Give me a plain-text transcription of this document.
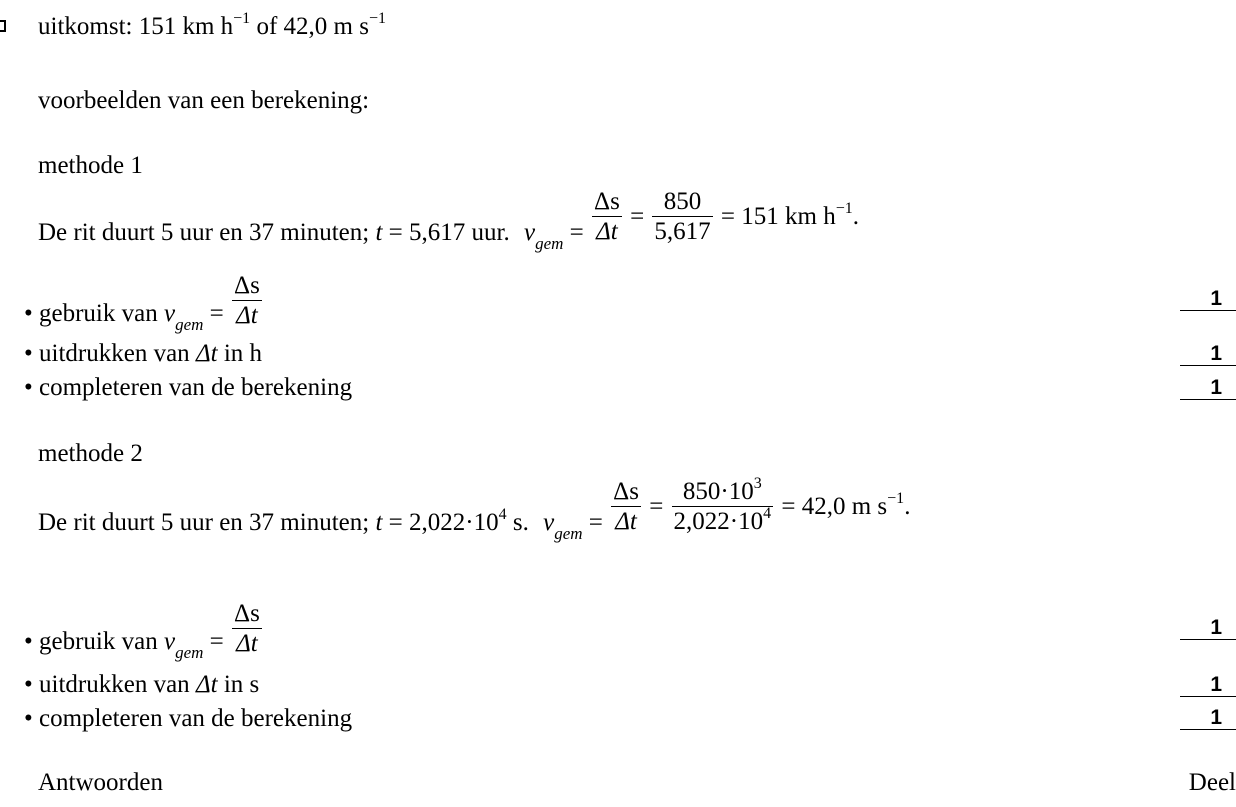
uitkomst: 151 km $h^{-1}$ of 42,0 m $s^{-1}$
voorbeelden van een berekening:
methode 1
De rit duurt 5 uur en 37 minuten; t = 5,617 uur. $v_{gem} = \frac{\Delta s}{\Delta t} = \frac{850}{5,617} = 151$ km $h^{-1}$.
• gebruik van $v_{gem} = \frac{\Delta s}{\Delta t}$	1
• uitdrukken van Δt in h	1
• completeren van de berekening	1
methode 2
De rit duurt 5 uur en 37 minuten; $t = 2,022\cdot 10^4$ s. $v_{gem} = \frac{\Delta s}{\Delta t} = \frac{850\cdot 10^3}{2,022\cdot 10^4} = 42,0$ m $s^{-1}$.
• gebruik van $v_{gem} = \frac{\Delta s}{\Delta t}$	1
• uitdrukken van Δt in s	1
• completeren van de berekening	1
Antwoorden	Deel
